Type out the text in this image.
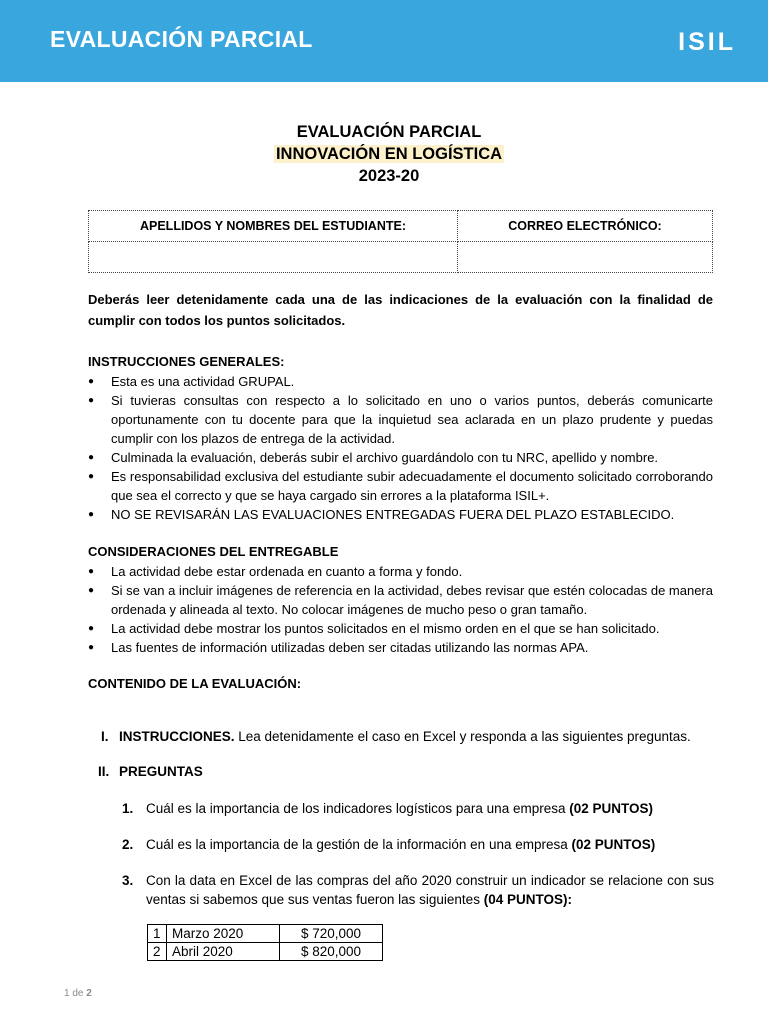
EVALUACIÓN PARCIAL	ISIL
EVALUACIÓN PARCIAL
INNOVACIÓN EN LOGÍSTICA
2023-20
APELLIDOS Y NOMBRES DEL ESTUDIANTE:	CORREO ELECTRÓNICO:

Deberás leer detenidamente cada una de las indicaciones de la evaluación con la finalidad de cumplir con todos los puntos solicitados.
INSTRUCCIONES GENERALES:
● Esta es una actividad GRUPAL.
● Si tuvieras consultas con respecto a lo solicitado en uno o varios puntos, deberás comunicarte oportunamente con tu docente para que la inquietud sea aclarada en un plazo prudente y puedas cumplir con los plazos de entrega de la actividad.
● Culminada la evaluación, deberás subir el archivo guardándolo con tu NRC, apellido y nombre.
● Es responsabilidad exclusiva del estudiante subir adecuadamente el documento solicitado corroborando que sea el correcto y que se haya cargado sin errores a la plataforma ISIL+.
● NO SE REVISARÁN LAS EVALUACIONES ENTREGADAS FUERA DEL PLAZO ESTABLECIDO.
CONSIDERACIONES DEL ENTREGABLE
● La actividad debe estar ordenada en cuanto a forma y fondo.
● Si se van a incluir imágenes de referencia en la actividad, debes revisar que estén colocadas de manera ordenada y alineada al texto. No colocar imágenes de mucho peso o gran tamaño.
● La actividad debe mostrar los puntos solicitados en el mismo orden en el que se han solicitado.
● Las fuentes de información utilizadas deben ser citadas utilizando las normas APA.
CONTENIDO DE LA EVALUACIÓN:
I. INSTRUCCIONES. Lea detenidamente el caso en Excel y responda a las siguientes preguntas.
II. PREGUNTAS
1. Cuál es la importancia de los indicadores logísticos para una empresa (02 PUNTOS)
2. Cuál es la importancia de la gestión de la información en una empresa (02 PUNTOS)
3. Con la data en Excel de las compras del año 2020 construir un indicador se relacione con sus ventas si sabemos que sus ventas fueron las siguientes (04 PUNTOS):
1	Marzo 2020	$ 720,000
2	Abril 2020	$ 820,000
1 de 2
